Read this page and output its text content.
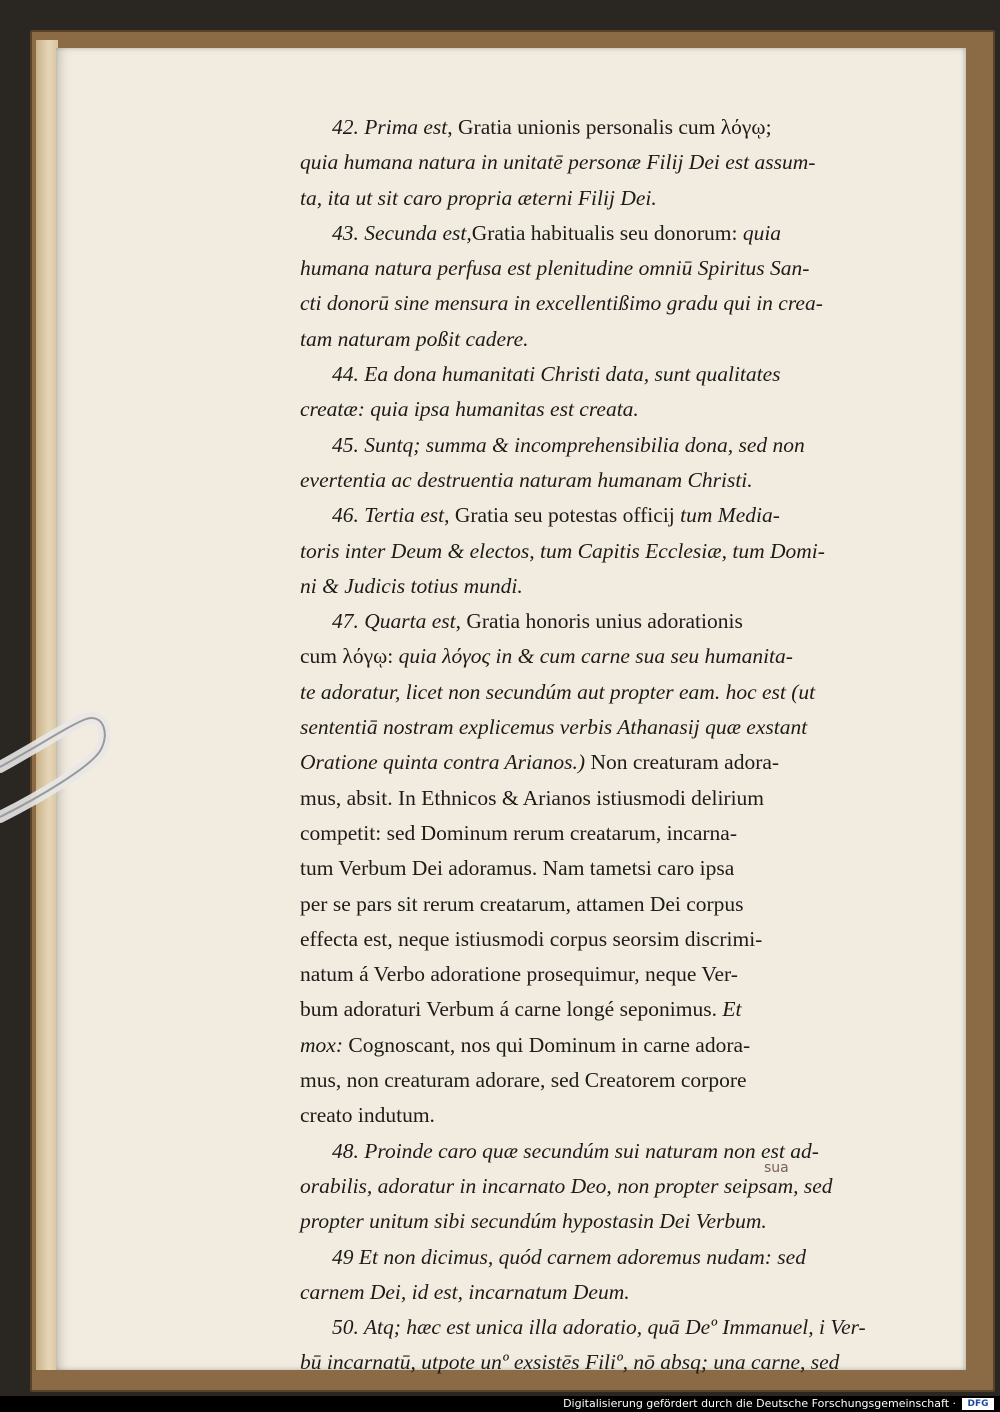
42. Prima est, Gratia unionis personalis cum λόγῳ;
quia humana natura in unitatē personæ Filij Dei est assum-
ta, ita ut sit caro propria æterni Filij Dei.
43. Secunda est,Gratia habitualis seu donorum: quia
humana natura perfusa est plenitudine omniū Spiritus San-
cti donorū sine mensura in excellentißimo gradu qui in crea-
tam naturam poßit cadere.
44. Ea dona humanitati Christi data, sunt qualitates
creatæ: quia ipsa humanitas est creata.
45. Suntq; summa & incomprehensibilia dona, sed non
evertentia ac destruentia naturam humanam Christi.
46. Tertia est, Gratia seu potestas officij tum Media-
toris inter Deum & electos, tum Capitis Ecclesiæ, tum Domi-
ni & Judicis totius mundi.
47. Quarta est, Gratia honoris unius adorationis
cum λόγῳ: quia λόγος in & cum carne sua seu humanita-
te adoratur, licet non secundúm aut propter eam. hoc est (ut
sententiā nostram explicemus verbis Athanasij quæ exstant
Oratione quinta contra Arianos.) Non creaturam adora-
mus, absit. In Ethnicos & Arianos istiusmodi delirium
competit: sed Dominum rerum creatarum, incarna-
tum Verbum Dei adoramus. Nam tametsi caro ipsa
per se pars sit rerum creatarum, attamen Dei corpus
effecta est, neque istiusmodi corpus seorsim discrimi-
natum á Verbo adoratione prosequimur, neque Ver-
bum adoraturi Verbum á carne longé seponimus. Et
mox: Cognoscant, nos qui Dominum in carne adora-
mus, non creaturam adorare, sed Creatorem corpore
creato indutum.
48. Proinde caro quæ secundúm sui naturam non est ad-
orabilis, adoratur in incarnato Deo, non propter seipsam, sed
propter unitum sibi secundúm hypostasin Dei Verbum.
49 Et non dicimus, quód carnem adoremus nudam: sed
carnem Dei, id est, incarnatum Deum.
50. Atq; hæc est unica illa adoratio, quā Deº Immanuel, i Ver-
bū incarnatū, utpote unº exsistēs Filiº, nō absq; una carne, sed
sua
Digitalisierung gefördert durch die Deutsche Forschungsgemeinschaft ·	DFG
